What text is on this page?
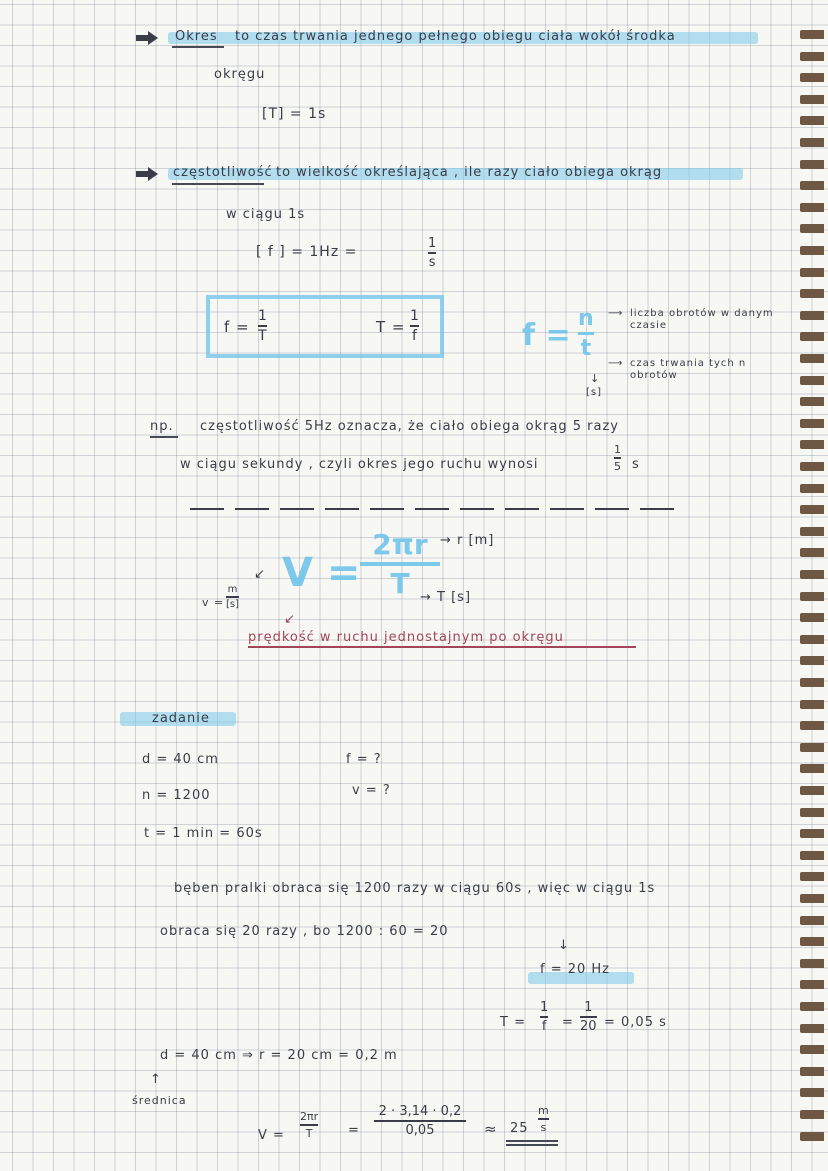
Okres to czas trwania jednego pełnego obiegu ciała wokół środka
okręgu
[T] = 1s
częstotliwość to wielkość określająca , ile razy ciało obiega okrąg
w ciągu 1s
[ f ] = 1Hz =
1
s
f =
1
T	T =
1
f	f = n
t
⟶ liczba obrotów w danym czasie
⟶ czas trwania tych n obrotów
↓
[s]
np. częstotliwość 5Hz oznacza, że ciało obiega okrąg 5 razy
w ciągu sekundy , czyli okres jego ruchu wynosi
1
5 s
V =
2πr
T
→ r [m]
→ T [s]
↙
v =
m
[s]
↙
prędkość w ruchu jednostajnym po okręgu
zadanie
d = 40 cm
n = 1200
t = 1 min = 60s
f = ?
v = ?
bęben pralki obraca się 1200 razy w ciągu 60s , więc w ciągu 1s
obraca się 20 razy , bo 1200 : 60 = 20
f = 20 Hz
↓
T =
1
f =
1
20 = 0,05 s
d = 40 cm ⇒ r = 20 cm = 0,2 m
↑
średnica
V =
2πr
T	=
2 · 3,14 · 0,2
0,05	≈ 25
m
s
